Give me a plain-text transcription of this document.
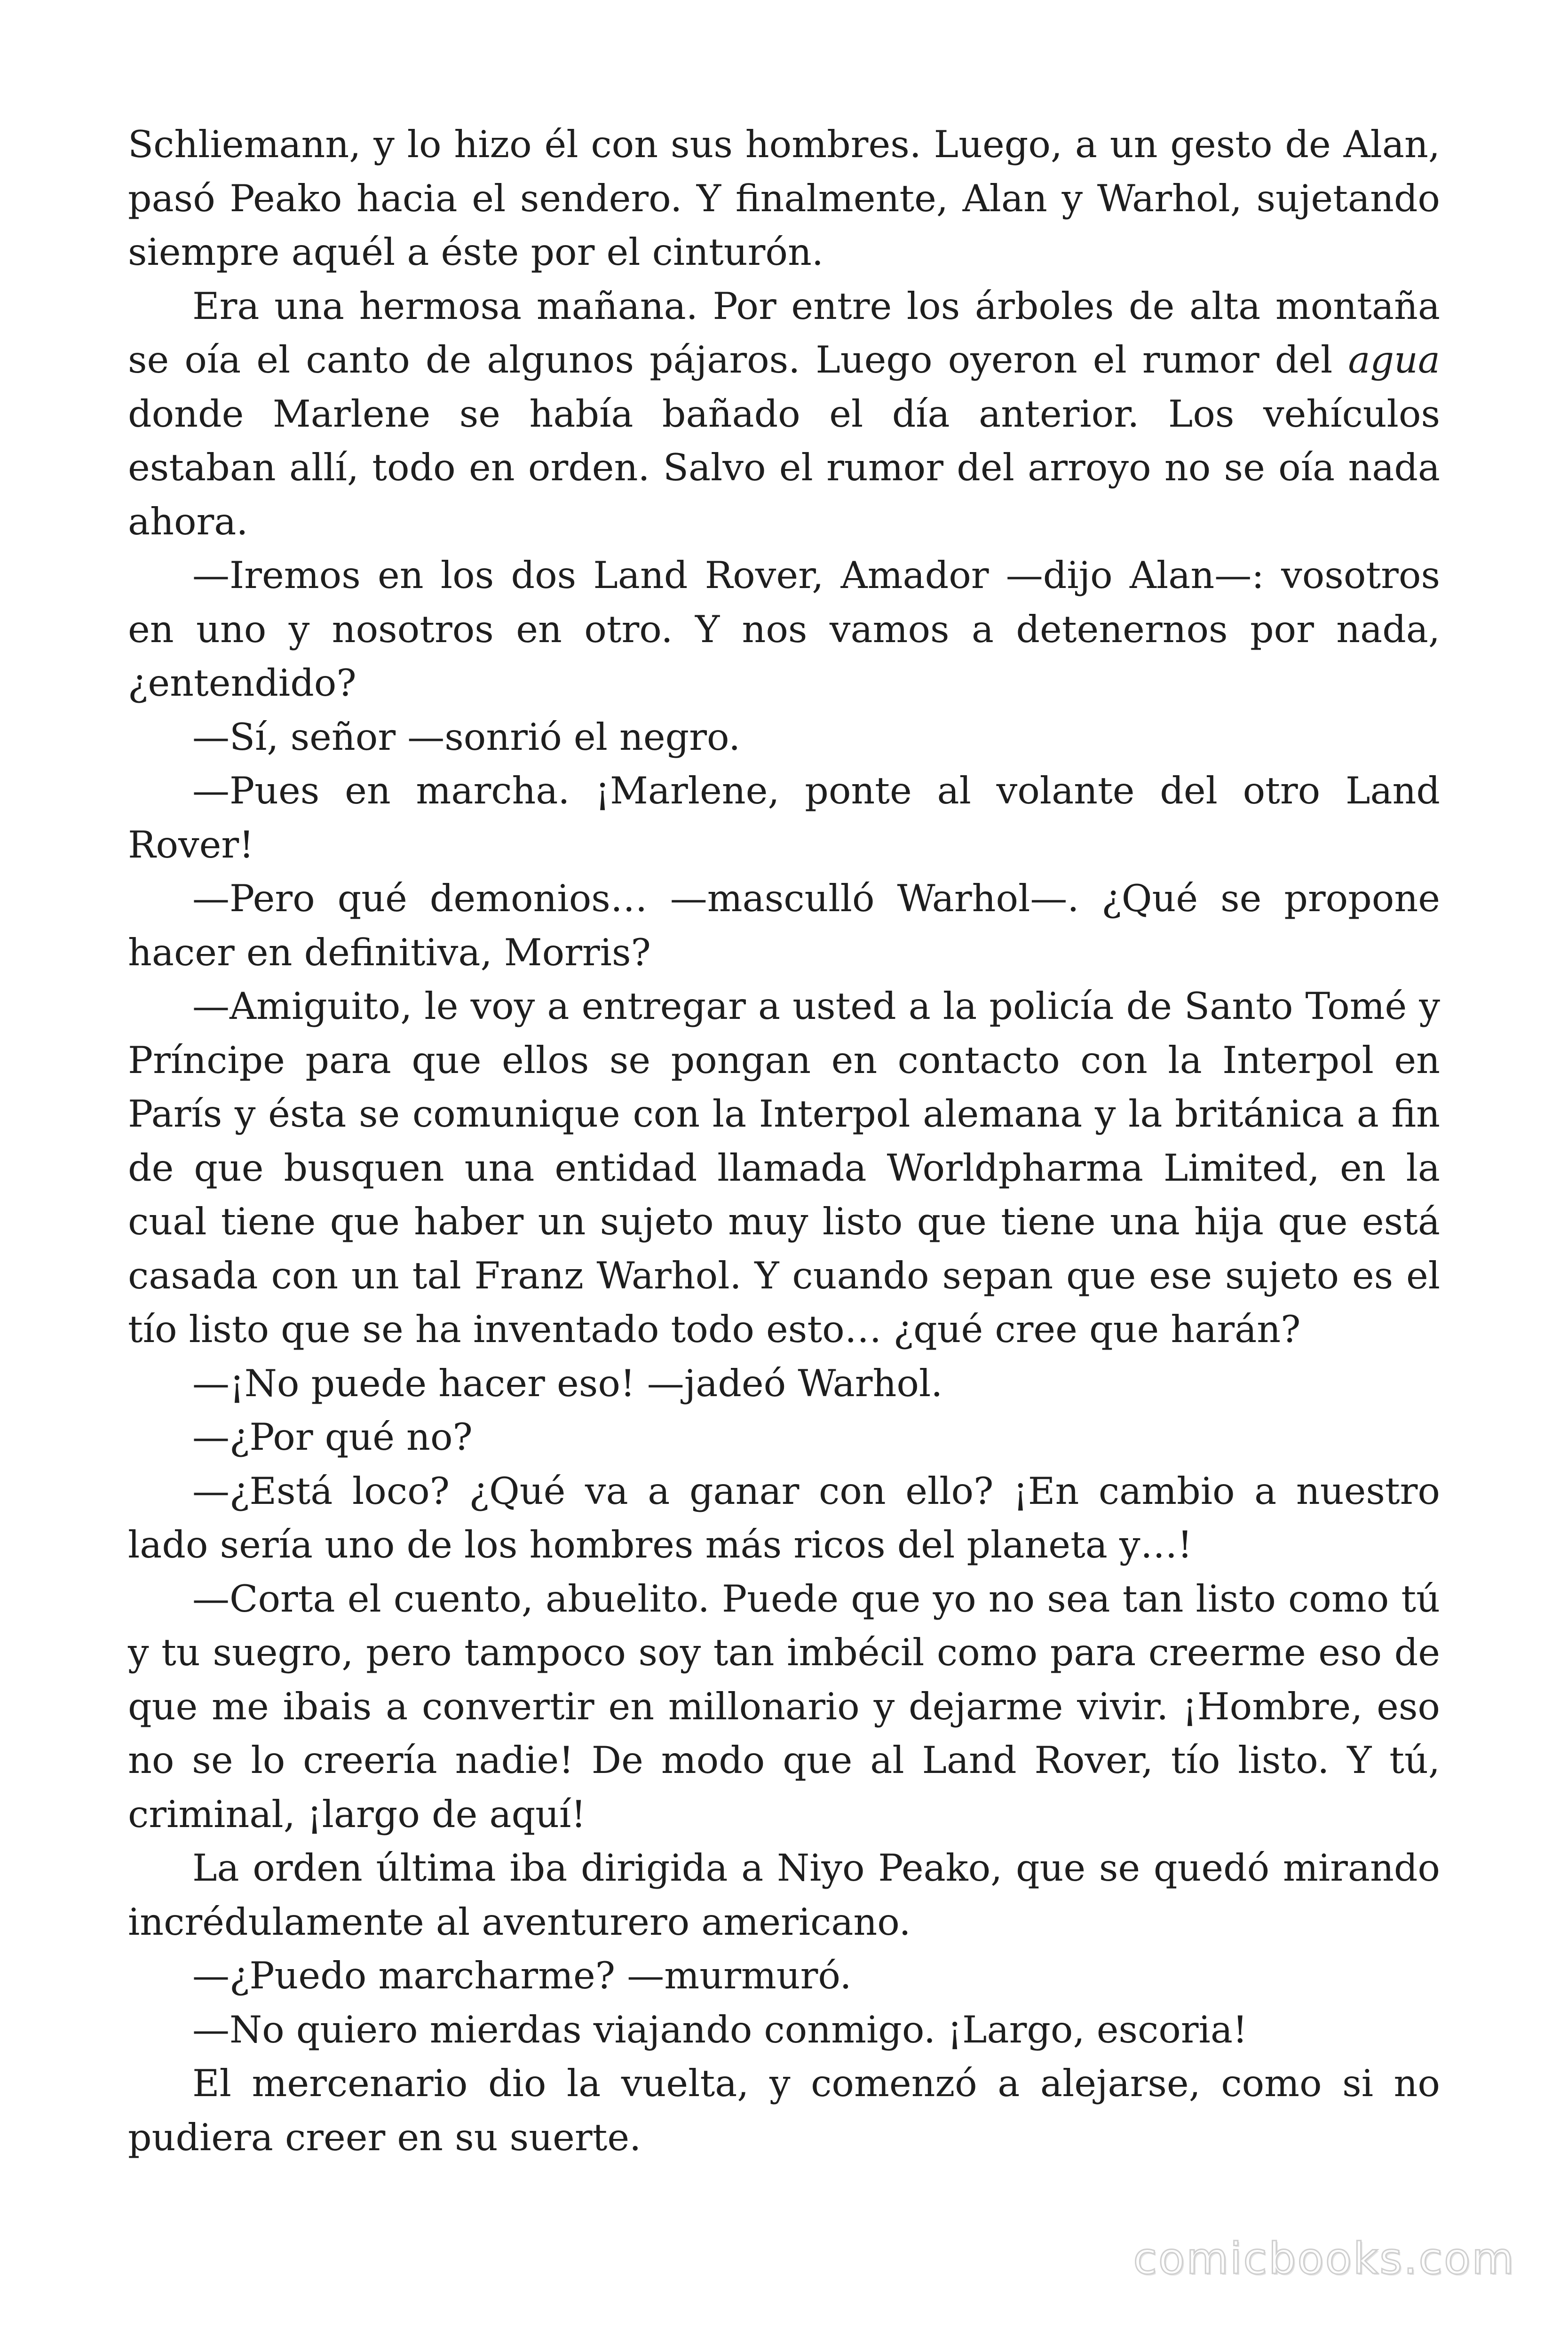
Schliemann, y lo hizo él con sus hombres. Luego, a un gesto de Alan, pasó Peako hacia el sendero. Y finalmente, Alan y Warhol, sujetando siempre aquél a éste por el cinturón.

Era una hermosa mañana. Por entre los árboles de alta montaña se oía el canto de algunos pájaros. Luego oyeron el rumor del agua donde Marlene se había bañado el día anterior. Los vehículos estaban allí, todo en orden. Salvo el rumor del arroyo no se oía nada ahora.

—Iremos en los dos Land Rover, Amador —dijo Alan—: vosotros en uno y nosotros en otro. Y nos vamos a detenernos por nada, ¿entendido?

—Sí, señor —sonrió el negro.

—Pues en marcha. ¡Marlene, ponte al volante del otro Land Rover!

—Pero qué demonios… —masculló Warhol—. ¿Qué se propone hacer en definitiva, Morris?

—Amiguito, le voy a entregar a usted a la policía de Santo Tomé y Príncipe para que ellos se pongan en contacto con la Interpol en París y ésta se comunique con la Interpol alemana y la británica a fin de que busquen una entidad llamada Worldpharma Limited, en la cual tiene que haber un sujeto muy listo que tiene una hija que está casada con un tal Franz Warhol. Y cuando sepan que ese sujeto es el tío listo que se ha inventado todo esto… ¿qué cree que harán?

—¡No puede hacer eso! —jadeó Warhol.

—¿Por qué no?

—¿Está loco? ¿Qué va a ganar con ello? ¡En cambio a nuestro lado sería uno de los hombres más ricos del planeta y…!

—Corta el cuento, abuelito. Puede que yo no sea tan listo como tú y tu suegro, pero tampoco soy tan imbécil como para creerme eso de que me ibais a convertir en millonario y dejarme vivir. ¡Hombre, eso no se lo creería nadie! De modo que al Land Rover, tío listo. Y tú, criminal, ¡largo de aquí!

La orden última iba dirigida a Niyo Peako, que se quedó mirando incrédulamente al aventurero americano.

—¿Puedo marcharme? —murmuró.

—No quiero mierdas viajando conmigo. ¡Largo, escoria!

El mercenario dio la vuelta, y comenzó a alejarse, como si no pudiera creer en su suerte.

comicbooks.com
